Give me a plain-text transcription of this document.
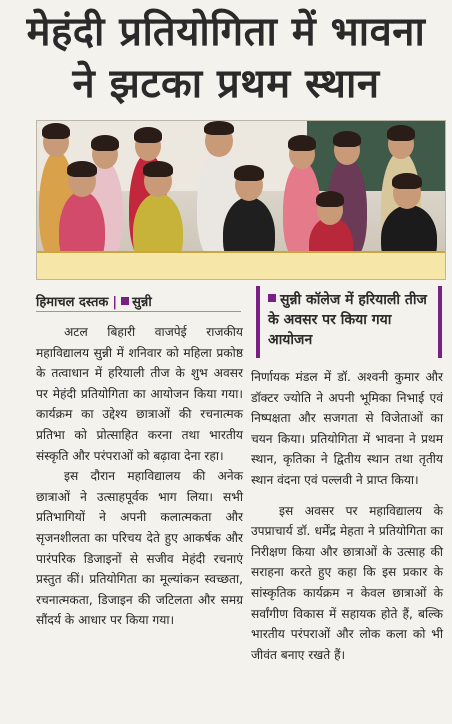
मेहंदी प्रतियोगिता में भावना
ने झटका प्रथम स्थान
हिमाचल दस्तक | सुन्नी	सुन्नी कॉलेज में हरियाली तीज के अवसर पर किया गया आयोजन

अटल बिहारी वाजपेई राजकीय महाविद्यालय सुन्नी में शनिवार को महिला प्रकोष्ठ के तत्वाधान में हरियाली तीज के शुभ अवसर पर मेहंदी प्रतियोगिता का आयोजन किया गया। कार्यक्रम का उद्देश्य छात्राओं की रचनात्मक प्रतिभा को प्रोत्साहित करना तथा भारतीय संस्कृति और परंपराओं को बढ़ावा देना रहा।

इस दौरान महाविद्यालय की अनेक छात्राओं ने उत्साहपूर्वक भाग लिया। सभी प्रतिभागियों ने अपनी कलात्मकता और सृजनशीलता का परिचय देते हुए आकर्षक और पारंपरिक डिजाइनों से सजीव मेहंदी रचनाएं प्रस्तुत कीं। प्रतियोगिता का मूल्यांकन स्वच्छता, रचनात्मकता, डिजाइन की जटिलता और समग्र सौंदर्य के आधार पर किया गया।

निर्णायक मंडल में डॉ. अश्वनी कुमार और डॉक्टर ज्योति ने अपनी भूमिका निभाई एवं निष्पक्षता और सजगता से विजेताओं का चयन किया। प्रतियोगिता में भावना ने प्रथम स्थान, कृतिका ने द्वितीय स्थान तथा तृतीय स्थान वंदना एवं पल्लवी ने प्राप्त किया।

इस अवसर पर महाविद्यालय के उपप्राचार्य डॉ. धर्मेंद्र मेहता ने प्रतियोगिता का निरीक्षण किया और छात्राओं के उत्साह की सराहना करते हुए कहा कि इस प्रकार के सांस्कृतिक कार्यक्रम न केवल छात्राओं के सर्वांगीण विकास में सहायक होते हैं, बल्कि भारतीय परंपराओं और लोक कला को भी जीवंत बनाए रखते हैं।
